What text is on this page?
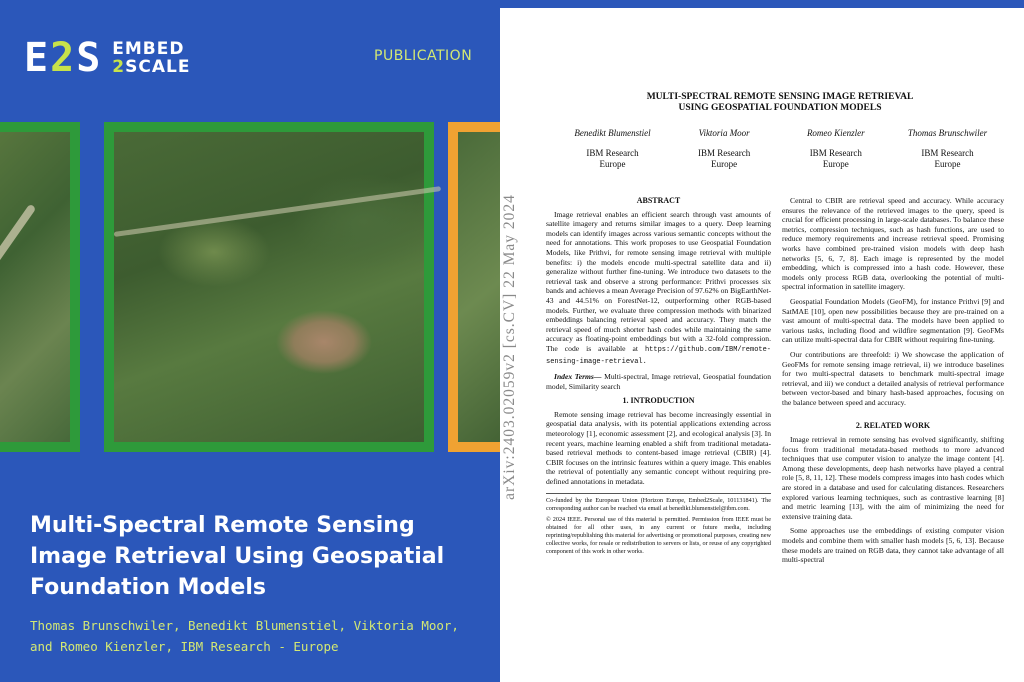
E2S EMBED
2SCALE
PUBLICATION
Multi-Spectral Remote Sensing Image Retrieval Using Geospatial Foundation Models
Thomas Brunschwiler, Benedikt Blumenstiel, Viktoria Moor, and Romeo Kienzler, IBM Research - Europe
arXiv:2403.02059v2 [cs.CV] 22 May 2024
MULTI-SPECTRAL REMOTE SENSING IMAGE RETRIEVAL
USING GEOSPATIAL FOUNDATION MODELS
Benedikt Blumenstiel
IBM Research
Europe
Viktoria Moor
IBM Research
Europe
Romeo Kienzler
IBM Research
Europe
Thomas Brunschwiler
IBM Research
Europe
ABSTRACT

Image retrieval enables an efficient search through vast amounts of satellite imagery and returns similar images to a query. Deep learning models can identify images across various semantic concepts without the need for annotations. This work proposes to use Geospatial Foundation Models, like Prithvi, for remote sensing image retrieval with multiple benefits: i) the models encode multi-spectral satellite data and ii) generalize without further fine-tuning. We introduce two datasets to the retrieval task and observe a strong performance: Prithvi processes six bands and achieves a mean Average Precision of 97.62% on BigEarthNet-43 and 44.51% on ForestNet-12, outperforming other RGB-based models. Further, we evaluate three compression methods with binarized embeddings balancing retrieval speed and accuracy. They match the retrieval speed of much shorter hash codes while maintaining the same accuracy as floating-point embeddings but with a 32-fold compression. The code is available at https://github.com/IBM/remote-sensing-image-retrieval.

Index Terms— Multi-spectral, Image retrieval, Geospatial foundation model, Similarity search

1. INTRODUCTION

Remote sensing image retrieval has become increasingly essential in geospatial data analysis, with its potential applications extending across meteorology [1], economic assessment [2], and ecological analysis [3]. In recent years, machine learning enabled a shift from traditional metadata-based retrieval methods to content-based image retrieval (CBIR) [4]. CBIR focuses on the intrinsic features within a query image. This enables the retrieval of potentially any semantic concept without requiring pre-defined annotations in metadata.

Co-funded by the European Union (Horizon Europe, Embed2Scale, 101131841). The corresponding author can be reached via email at benedikt.blumenstiel@ibm.com.
© 2024 IEEE. Personal use of this material is permitted. Permission from IEEE must be obtained for all other uses, in any current or future media, including reprinting/republishing this material for advertising or promotional purposes, creating new collective works, for resale or redistribution to servers or lists, or reuse of any copyrighted component of this work in other works.

Central to CBIR are retrieval speed and accuracy. While accuracy ensures the relevance of the retrieved images to the query, speed is crucial for efficient processing in large-scale databases. To balance these metrics, compression techniques, such as hash functions, are used to reduce memory requirements and increase retrieval speed. Promising works have combined pre-trained vision models with deep hash networks [5, 6, 7, 8]. Each image is represented by the model embedding, which is compressed into a hash code. However, these models only process RGB data, overlooking the potential of multi-spectral information in satellite imagery.

Geospatial Foundation Models (GeoFM), for instance Prithvi [9] and SatMAE [10], open new possibilities because they are pre-trained on a vast amount of multi-spectral data. The models have been applied to various tasks, including flood and wildfire segmentation [9]. GeoFMs can utilize multi-spectral data for CBIR without requiring fine-tuning.

Our contributions are threefold: i) We showcase the application of GeoFMs for remote sensing image retrieval, ii) we introduce baselines for two multi-spectral datasets to benchmark multi-spectral image retrieval, and iii) we conduct a detailed analysis of retrieval performance between vector-based and binary hash-based approaches, focusing on the balance between speed and accuracy.

2. RELATED WORK

Image retrieval in remote sensing has evolved significantly, shifting focus from traditional metadata-based methods to more advanced techniques that use computer vision to analyze the image content [4]. Among these developments, deep hash networks have played a central role [5, 8, 11, 12]. These models compress images into hash codes which are stored in a database and used for calculating distances. Researchers explored various learning techniques, such as contrastive learning [8] and metric learning [13], with the aim of minimizing the need for extensive training data.

Some approaches use the embeddings of existing computer vision models and combine them with smaller hash models [5, 6, 13]. Because these models are trained on RGB data, they cannot take advantage of all multi-spectral
